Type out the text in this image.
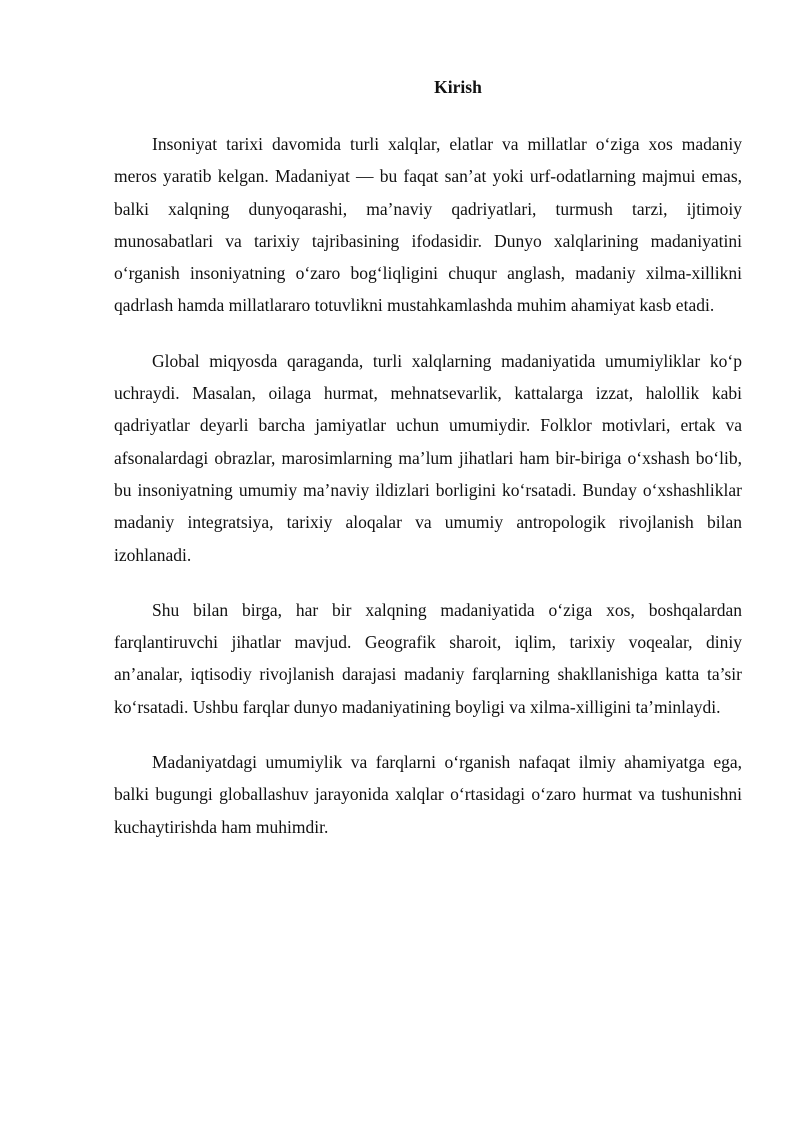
Kirish

Insoniyat tarixi davomida turli xalqlar, elatlar va millatlar o‘ziga xos madaniy meros yaratib kelgan. Madaniyat — bu faqat san’at yoki urf-odatlarning majmui emas, balki xalqning dunyoqarashi, ma’naviy qadriyatlari, turmush tarzi, ijtimoiy munosabatlari va tarixiy tajribasining ifodasidir. Dunyo xalqlarining madaniyatini o‘rganish insoniyatning o‘zaro bog‘liqligini chuqur anglash, madaniy xilma-xillikni qadrlash hamda millatlararo totuvlikni mustahkamlashda muhim ahamiyat kasb etadi.

Global miqyosda qaraganda, turli xalqlarning madaniyatida umumiyliklar ko‘p uchraydi. Masalan, oilaga hurmat, mehnatsevarlik, kattalarga izzat, halollik kabi qadriyatlar deyarli barcha jamiyatlar uchun umumiydir. Folklor motivlari, ertak va afsonalardagi obrazlar, marosimlarning ma’lum jihatlari ham bir-biriga o‘xshash bo‘lib, bu insoniyatning umumiy ma’naviy ildizlari borligini ko‘rsatadi. Bunday o‘xshashliklar madaniy integratsiya, tarixiy aloqalar va umumiy antropologik rivojlanish bilan izohlanadi.

Shu bilan birga, har bir xalqning madaniyatida o‘ziga xos, boshqalardan farqlantiruvchi jihatlar mavjud. Geografik sharoit, iqlim, tarixiy voqealar, diniy an’analar, iqtisodiy rivojlanish darajasi madaniy farqlarning shakllanishiga katta ta’sir ko‘rsatadi. Ushbu farqlar dunyo madaniyatining boyligi va xilma-xilligini ta’minlaydi.

Madaniyatdagi umumiylik va farqlarni o‘rganish nafaqat ilmiy ahamiyatga ega, balki bugungi globallashuv jarayonida xalqlar o‘rtasidagi o‘zaro hurmat va tushunishni kuchaytirishda ham muhimdir.
